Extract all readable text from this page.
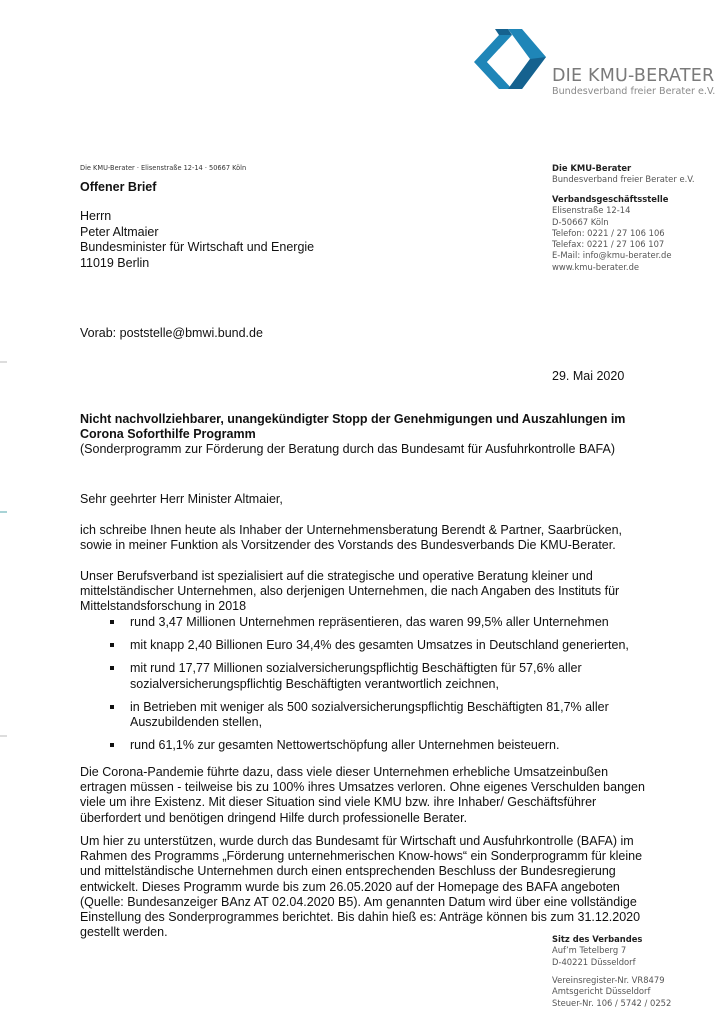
DIE KMU-BERATER
Bundesverband freier Berater e.V.
Die KMU-Berater · Elisenstraße 12-14 · 50667 Köln
Offener Brief
Herrn
Peter Altmaier
Bundesminister für Wirtschaft und Energie
11019 Berlin
Die KMU-Berater
Bundesverband freier Berater e.V.
Verbandsgeschäftsstelle
Elisenstraße 12-14
D-50667 Köln
Telefon: 0221 / 27 106 106
Telefax: 0221 / 27 106 107
E-Mail: info@kmu-berater.de
www.kmu-berater.de
Vorab: poststelle@bmwi.bund.de
29. Mai 2020
Nicht nachvollziehbarer, unangekündigter Stopp der Genehmigungen und Auszahlungen im
Corona Soforthilfe Programm
(Sonderprogramm zur Förderung der Beratung durch das Bundesamt für Ausfuhrkontrolle BAFA)
Sehr geehrter Herr Minister Altmaier,
ich schreibe Ihnen heute als Inhaber der Unternehmensberatung Berendt & Partner, Saarbrücken,
sowie in meiner Funktion als Vorsitzender des Vorstands des Bundesverbands Die KMU-Berater.
Unser Berufsverband ist spezialisiert auf die strategische und operative Beratung kleiner und
mittelständischer Unternehmen, also derjenigen Unternehmen, die nach Angaben des Instituts für
Mittelstandsforschung in 2018
rund 3,47 Millionen Unternehmen repräsentieren, das waren 99,5% aller Unternehmen
mit knapp 2,40 Billionen Euro 34,4% des gesamten Umsatzes in Deutschland generierten,
mit rund 17,77 Millionen sozialversicherungspflichtig Beschäftigten für 57,6% aller
sozialversicherungspflichtig Beschäftigten verantwortlich zeichnen,
in Betrieben mit weniger als 500 sozialversicherungspflichtig Beschäftigten 81,7% aller
Auszubildenden stellen,
rund 61,1% zur gesamten Nettowertschöpfung aller Unternehmen beisteuern.
Die Corona-Pandemie führte dazu, dass viele dieser Unternehmen erhebliche Umsatzeinbußen
ertragen müssen - teilweise bis zu 100% ihres Umsatzes verloren. Ohne eigenes Verschulden bangen
viele um ihre Existenz. Mit dieser Situation sind viele KMU bzw. ihre Inhaber/ Geschäftsführer
überfordert und benötigen dringend Hilfe durch professionelle Berater.
Um hier zu unterstützen, wurde durch das Bundesamt für Wirtschaft und Ausfuhrkontrolle (BAFA) im
Rahmen des Programms „Förderung unternehmerischen Know-hows“ ein Sonderprogramm für kleine
und mittelständische Unternehmen durch einen entsprechenden Beschluss der Bundesregierung
entwickelt. Dieses Programm wurde bis zum 26.05.2020 auf der Homepage des BAFA angeboten
(Quelle: Bundesanzeiger BAnz AT 02.04.2020 B5). Am genannten Datum wird über eine vollständige
Einstellung des Sonderprogrammes berichtet. Bis dahin hieß es: Anträge können bis zum 31.12.2020
gestellt werden.	Sitz des Verbandes
Auf’m Tetelberg 7
D-40221 Düsseldorf
Vereinsregister-Nr. VR8479
Amtsgericht Düsseldorf
Steuer-Nr. 106 / 5742 / 0252
